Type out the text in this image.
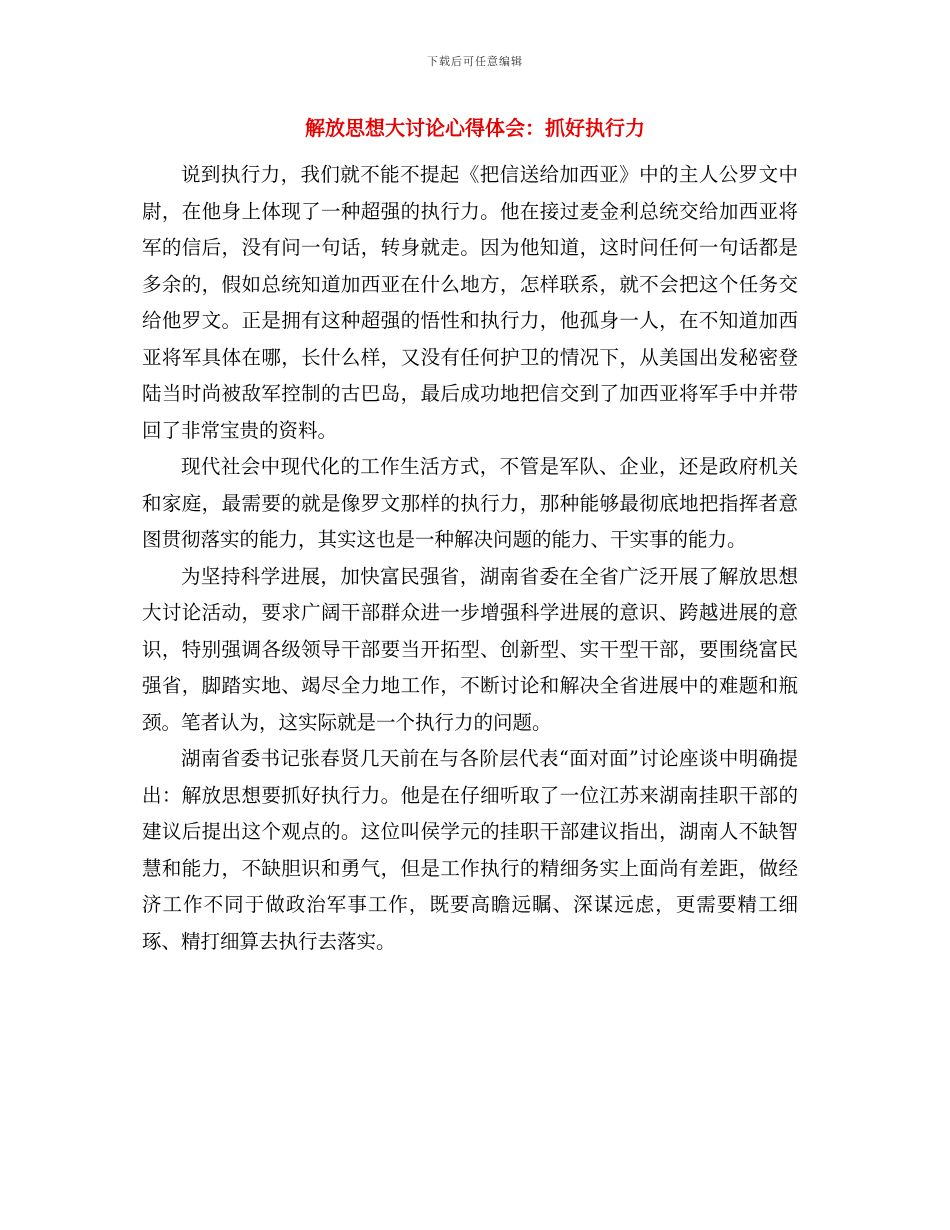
下载后可任意编辑
解放思想大讨论心得体会：抓好执行力

说到执行力，我们就不能不提起《把信送给加西亚》中的主人公罗文中尉，在他身上体现了一种超强的执行力。他在接过麦金利总统交给加西亚将军的信后，没有问一句话，转身就走。因为他知道，这时问任何一句话都是多余的，假如总统知道加西亚在什么地方，怎样联系，就不会把这个任务交给他罗文。正是拥有这种超强的悟性和执行力，他孤身一人，在不知道加西亚将军具体在哪，长什么样，又没有任何护卫的情况下，从美国出发秘密登陆当时尚被敌军控制的古巴岛，最后成功地把信交到了加西亚将军手中并带回了非常宝贵的资料。

现代社会中现代化的工作生活方式，不管是军队、企业，还是政府机关和家庭，最需要的就是像罗文那样的执行力，那种能够最彻底地把指挥者意图贯彻落实的能力，其实这也是一种解决问题的能力、干实事的能力。

为坚持科学进展，加快富民强省，湖南省委在全省广泛开展了解放思想大讨论活动，要求广阔干部群众进一步增强科学进展的意识、跨越进展的意识，特别强调各级领导干部要当开拓型、创新型、实干型干部，要围绕富民强省，脚踏实地、竭尽全力地工作，不断讨论和解决全省进展中的难题和瓶颈。笔者认为，这实际就是一个执行力的问题。

湖南省委书记张春贤几天前在与各阶层代表“面对面”讨论座谈中明确提出：解放思想要抓好执行力。他是在仔细听取了一位江苏来湖南挂职干部的建议后提出这个观点的。这位叫侯学元的挂职干部建议指出，湖南人不缺智慧和能力，不缺胆识和勇气，但是工作执行的精细务实上面尚有差距，做经济工作不同于做政治军事工作，既要高瞻远瞩、深谋远虑，更需要精工细琢、精打细算去执行去落实。
